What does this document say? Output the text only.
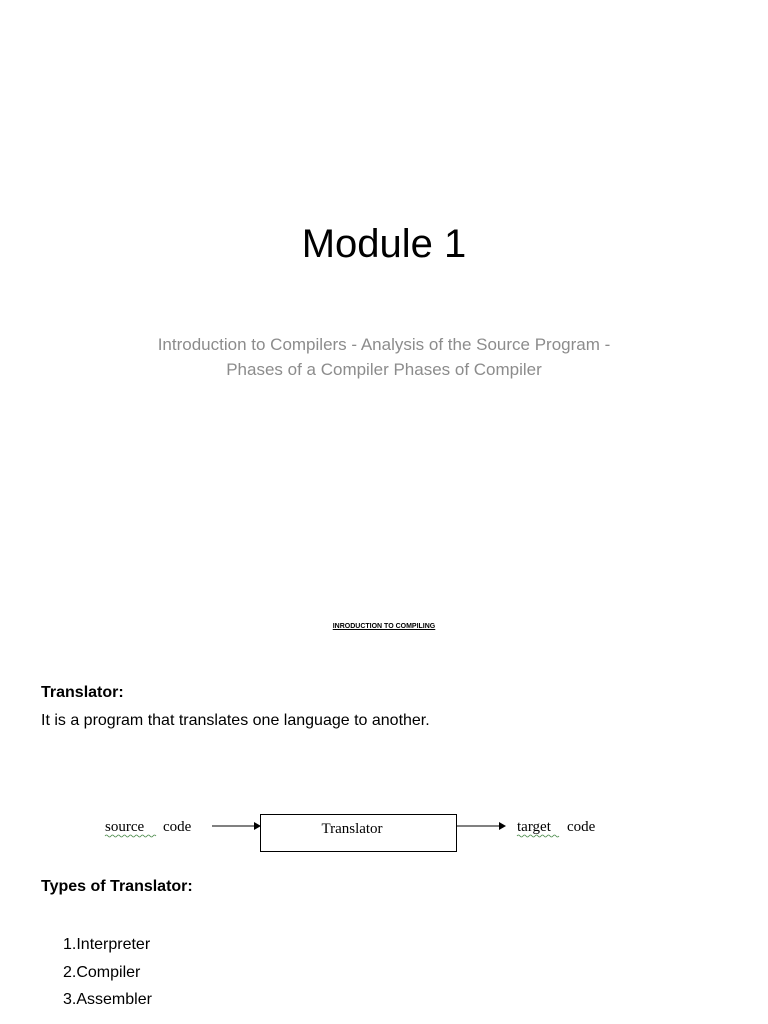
Module 1
Introduction to Compilers - Analysis of the Source Program -
Phases of a Compiler Phases of Compiler
INRODUCTION TO COMPILING
Translator:
It is a program that translates one language to another.
source code	Translator	target code
Types of Translator:
1.Interpreter
2.Compiler
3.Assembler
